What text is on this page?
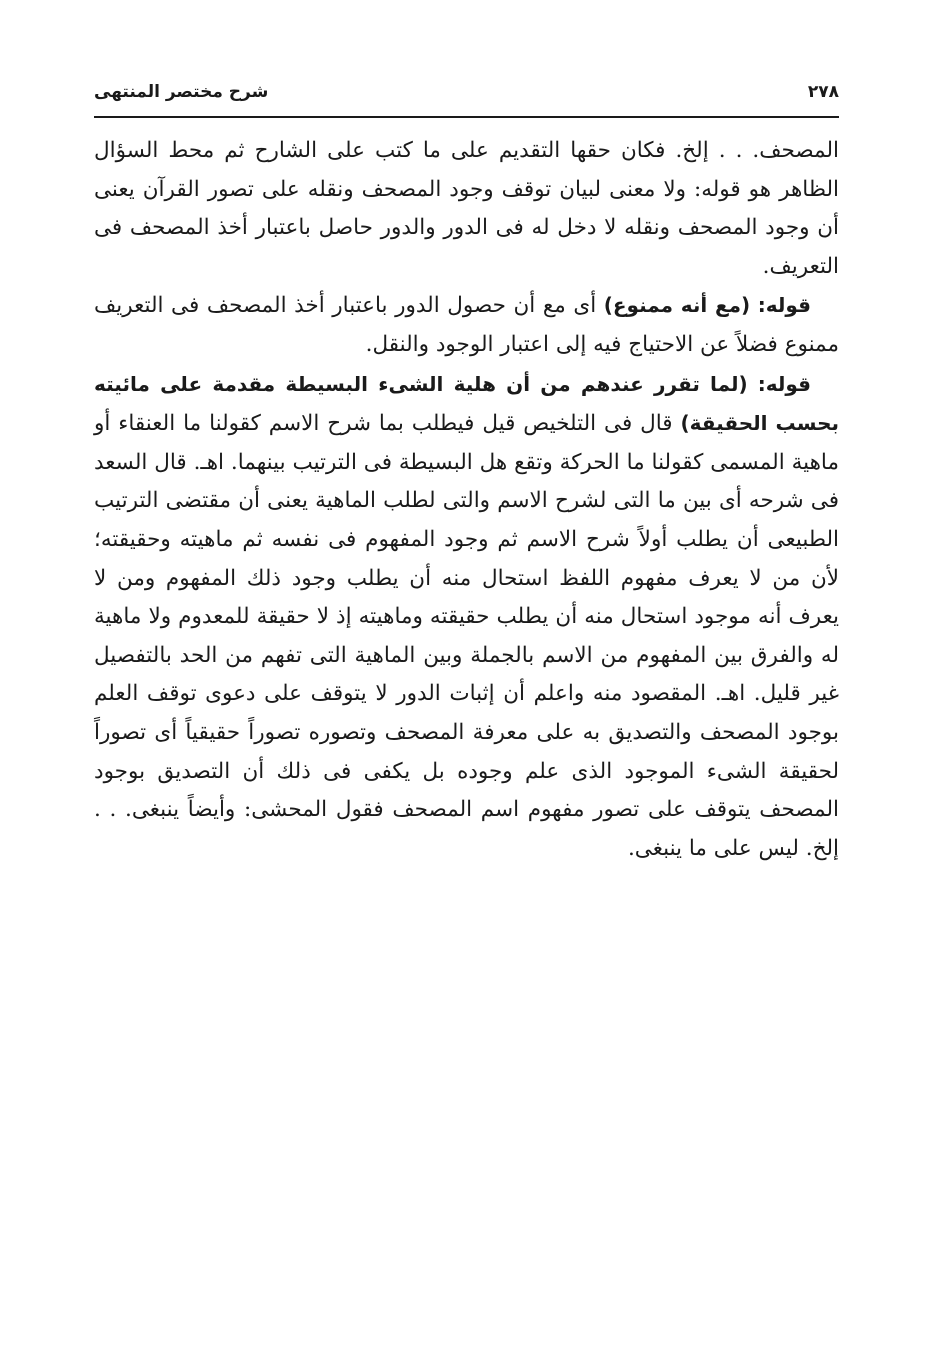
٢٧٨
شرح مختصر المنتهى

المصحف. . . إلخ. فكان حقها التقديم على ما كتب على الشارح ثم محط السؤال الظاهر هو قوله: ولا معنى لبيان توقف وجود المصحف ونقله على تصور القرآن يعنى أن وجود المصحف ونقله لا دخل له فى الدور والدور حاصل باعتبار أخذ المصحف فى التعريف.

قوله: (مع أنه ممنوع) أى مع أن حصول الدور باعتبار أخذ المصحف فى التعريف ممنوع فضلاً عن الاحتياج فيه إلى اعتبار الوجود والنقل.

قوله: (لما تقرر عندهم من أن هلية الشىء البسيطة مقدمة على مائيته بحسب الحقيقة) قال فى التلخيص قيل فيطلب بما شرح الاسم كقولنا ما العنقاء أو ماهية المسمى كقولنا ما الحركة وتقع هل البسيطة فى الترتيب بينهما. اهـ. قال السعد فى شرحه أى بين ما التى لشرح الاسم والتى لطلب الماهية يعنى أن مقتضى الترتيب الطبيعى أن يطلب أولاً شرح الاسم ثم وجود المفهوم فى نفسه ثم ماهيته وحقيقته؛ لأن من لا يعرف مفهوم اللفظ استحال منه أن يطلب وجود ذلك المفهوم ومن لا يعرف أنه موجود استحال منه أن يطلب حقيقته وماهيته إذ لا حقيقة للمعدوم ولا ماهية له والفرق بين المفهوم من الاسم بالجملة وبين الماهية التى تفهم من الحد بالتفصيل غير قليل. اهـ. المقصود منه واعلم أن إثبات الدور لا يتوقف على دعوى توقف العلم بوجود المصحف والتصديق به على معرفة المصحف وتصوره تصوراً حقيقياً أى تصوراً لحقيقة الشىء الموجود الذى علم وجوده بل يكفى فى ذلك أن التصديق بوجود المصحف يتوقف على تصور مفهوم اسم المصحف فقول المحشى: وأيضاً ينبغى. . . إلخ. ليس على ما ينبغى.
